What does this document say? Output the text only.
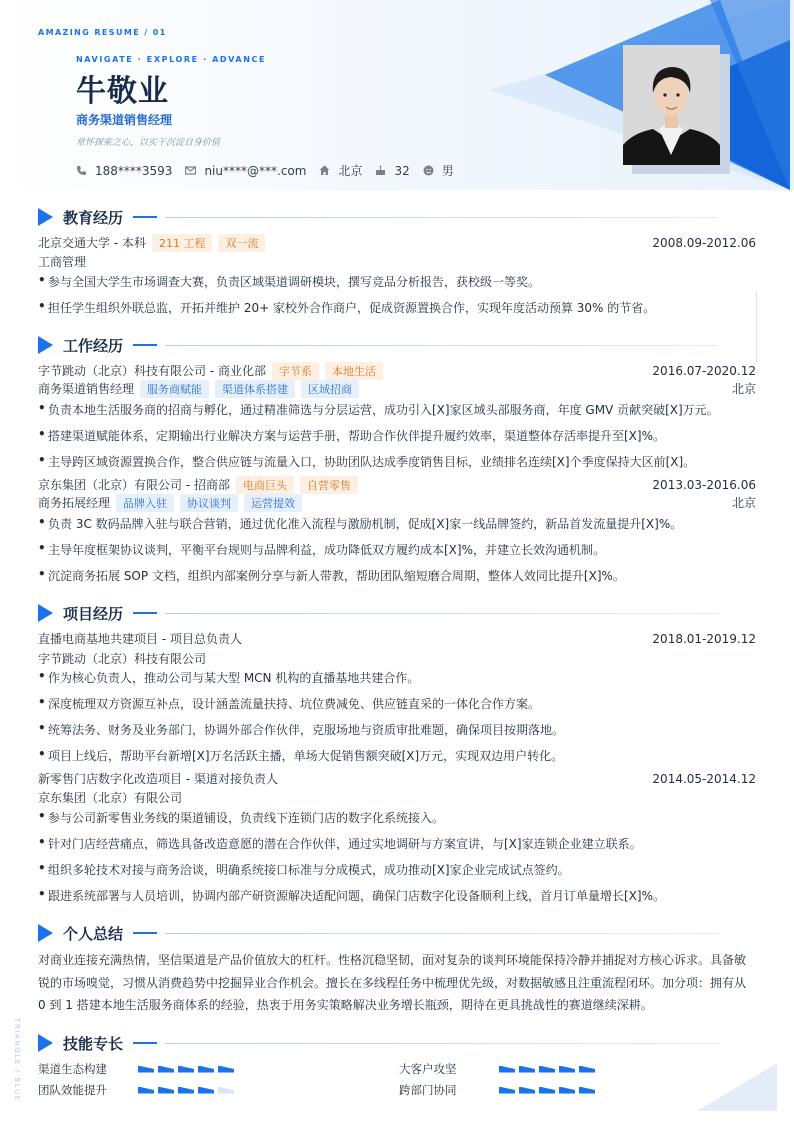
AMAZING RESUME / 01
NAVIGATE · EXPLORE · ADVANCE
牛敬业
商务渠道销售经理
常怀探索之心，以实干沉淀自身价值
188****3593	niu****@***.com	北京	32	男
教育经历
北京交通大学 - 本科	211 工程	双一流	2008.09-2012.06
工商管理
• 参与全国大学生市场调查大赛，负责区域渠道调研模块，撰写竞品分析报告，获校级一等奖。
• 担任学生组织外联总监，开拓并维护 20+ 家校外合作商户，促成资源置换合作，实现年度活动预算 30% 的节省。
工作经历
字节跳动（北京）科技有限公司 - 商业化部	字节系	本地生活	2016.07-2020.12
商务渠道销售经理	服务商赋能	渠道体系搭建	区域招商	北京
• 负责本地生活服务商的招商与孵化，通过精准筛选与分层运营，成功引入[X]家区域头部服务商，年度 GMV 贡献突破[X]万元。
• 搭建渠道赋能体系，定期输出行业解决方案与运营手册，帮助合作伙伴提升履约效率，渠道整体存活率提升至[X]%。
• 主导跨区域资源置换合作，整合供应链与流量入口，协助团队达成季度销售目标，业绩排名连续[X]个季度保持大区前[X]。
京东集团（北京）有限公司 - 招商部	电商巨头	自营零售	2013.03-2016.06
商务拓展经理	品牌入驻	协议谈判	运营提效	北京
• 负责 3C 数码品牌入驻与联合营销，通过优化准入流程与激励机制，促成[X]家一线品牌签约，新品首发流量提升[X]%。
• 主导年度框架协议谈判，平衡平台规则与品牌利益，成功降低双方履约成本[X]%，并建立长效沟通机制。
• 沉淀商务拓展 SOP 文档，组织内部案例分享与新人带教，帮助团队缩短磨合周期，整体人效同比提升[X]%。
项目经历
直播电商基地共建项目 - 项目总负责人	2018.01-2019.12
字节跳动（北京）科技有限公司
• 作为核心负责人，推动公司与某大型 MCN 机构的直播基地共建合作。
• 深度梳理双方资源互补点，设计涵盖流量扶持、坑位费减免、供应链直采的一体化合作方案。
• 统筹法务、财务及业务部门，协调外部合作伙伴，克服场地与资质审批难题，确保项目按期落地。
• 项目上线后，帮助平台新增[X]万名活跃主播，单场大促销售额突破[X]万元，实现双边用户转化。
新零售门店数字化改造项目 - 渠道对接负责人	2014.05-2014.12
京东集团（北京）有限公司
• 参与公司新零售业务线的渠道铺设，负责线下连锁门店的数字化系统接入。
• 针对门店经营痛点，筛选具备改造意愿的潜在合作伙伴，通过实地调研与方案宣讲，与[X]家连锁企业建立联系。
• 组织多轮技术对接与商务洽谈，明确系统接口标准与分成模式，成功推动[X]家企业完成试点签约。
• 跟进系统部署与人员培训，协调内部产研资源解决适配问题，确保门店数字化设备顺利上线，首月订单量增长[X]%。
个人总结
对商业连接充满热情，坚信渠道是产品价值放大的杠杆。性格沉稳坚韧，面对复杂的谈判环境能保持冷静并捕捉对方核心诉求。具备敏锐的市场嗅觉，习惯从消费趋势中挖掘异业合作机会。擅长在多线程任务中梳理优先级，对数据敏感且注重流程闭环。加分项：拥有从 0 到 1 搭建本地生活服务商体系的经验，热衷于用务实策略解决业务增长瓶颈，期待在更具挑战性的赛道继续深耕。
技能专长
渠道生态构建	大客户攻坚
团队效能提升	跨部门协同
TRIANGLE / BLUE
